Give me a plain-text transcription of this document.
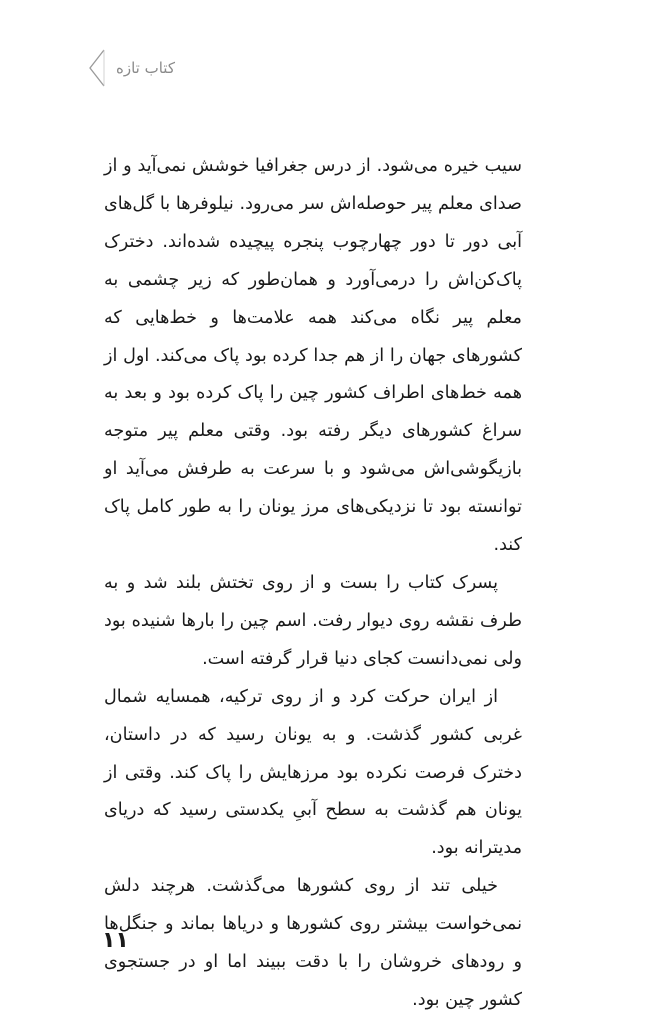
کتاب تازه

سیب خیره می‌شود. از درس جغرافیا خوشش نمی‌آید و از صدای معلم پیر حوصله‌اش سر می‌رود. نیلوفرها با گل‌های آبی دور تا دور چهارچوب پنجره پیچیده شده‌اند. دخترک پاک‌کن‌اش را درمی‌آورد و همان‌طور که زیر چشمی به معلم پیر نگاه می‌کند همه علامت‌ها و خط‌هایی که کشورهای جهان را از هم جدا کرده بود پاک می‌کند. اول از همه خط‌های اطراف کشور چین را پاک کرده بود و بعد به سراغ کشورهای دیگر رفته بود. وقتی معلم پیر متوجه بازیگوشی‌اش می‌شود و با سرعت به طرفش می‌آید او توانسته بود تا نزدیکی‌های مرز یونان را به طور کامل پاک کند.

پسرک کتاب را بست و از روی تختش بلند شد و به طرف نقشه روی دیوار رفت. اسم چین را بارها شنیده بود ولی نمی‌دانست کجای دنیا قرار گرفته است.

از ایران حرکت کرد و از روی ترکیه، همسایه شمال غربی کشور گذشت. و به یونان رسید که در داستان، دخترک فرصت نکرده بود مرزهایش را پاک کند. وقتی از یونان هم گذشت به سطح آبیِ یکدستی رسید که دریای مدیترانه بود.

خیلی تند از روی کشورها می‌گذشت. هرچند دلش نمی‌خواست بیشتر روی کشورها و دریاها بماند و جنگل‌ها و رودهای خروشان را با دقت ببیند اما او در جستجوی کشور چین بود.

۱۱
